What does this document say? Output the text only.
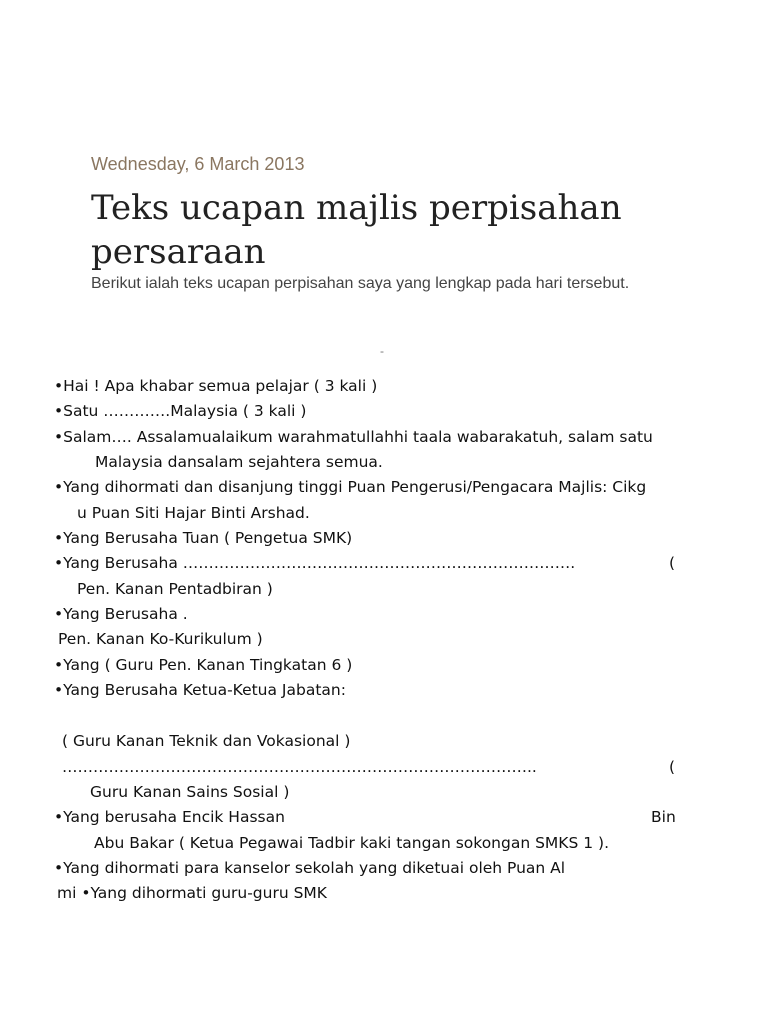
Wednesday, 6 March 2013
Teks ucapan majlis perpisahan persaraan

Berikut ialah teks ucapan perpisahan saya yang lengkap pada hari tersebut.

-
•Hai ! Apa khabar semua pelajar ( 3 kali )
•Satu ………….Malaysia ( 3 kali )
•Salam…. Assalamualaikum warahmatullahhi taala wabarakatuh, salam satu
Malaysia dansalam sejahtera semua.
•Yang dihormati dan disanjung tinggi Puan Pengerusi/Pengacara Majlis: Cikg
u Puan Siti Hajar Binti Arshad.
•Yang Berusaha Tuan ( Pengetua SMK)
•Yang Berusaha ………………………………………………………………….	(
Pen. Kanan Pentadbiran )
•Yang Berusaha .
Pen. Kanan Ko-Kurikulum )
•Yang ( Guru Pen. Kanan Tingkatan 6 )
•Yang Berusaha Ketua-Ketua Jabatan:
( Guru Kanan Teknik dan Vokasional )
………………………………………………………………………………..	(
Guru Kanan Sains Sosial )
•Yang berusaha Encik Hassan	Bin
Abu Bakar ( Ketua Pegawai Tadbir kaki tangan sokongan SMKS 1 ).
•Yang dihormati para kanselor sekolah yang diketuai oleh Puan Al
mi •Yang dihormati guru-guru SMK
